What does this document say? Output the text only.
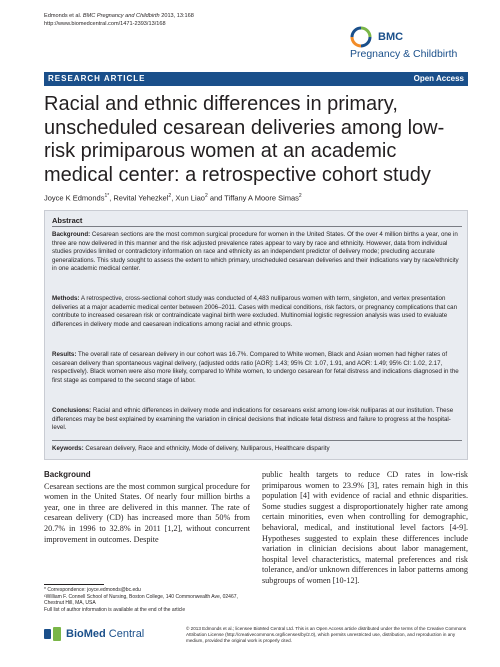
Edmonds et al. BMC Pregnancy and Childbirth 2013, 13:168
http://www.biomedcentral.com/1471-2393/13/168
BMC
Pregnancy & Childbirth
RESEARCH ARTICLE	Open Access
Racial and ethnic differences in primary, unscheduled cesarean deliveries among low-risk primiparous women at an academic medical center: a retrospective cohort study
Joyce K Edmonds$^{1*}$, Revital Yehezkel$^2$, Xun Liao$^2$ and Tiffany A Moore Simas$^2$
Abstract
Background: Cesarean sections are the most common surgical procedure for women in the United States. Of the over 4 million births a year, one in three are now delivered in this manner and the risk adjusted prevalence rates appear to vary by race and ethnicity. However, data from individual studies provides limited or contradictory information on race and ethnicity as an independent predictor of delivery mode; precluding accurate generalizations. This study sought to assess the extent to which primary, unscheduled cesarean deliveries and their indications vary by race/ethnicity in one academic medical center.
Methods: A retrospective, cross-sectional cohort study was conducted of 4,483 nulliparous women with term, singleton, and vertex presentation deliveries at a major academic medical center between 2006–2011. Cases with medical conditions, risk factors, or pregnancy complications that can contribute to increased cesarean risk or contraindicate vaginal birth were excluded. Multinomial logistic regression analysis was used to evaluate differences in delivery mode and caesarean indications among racial and ethnic groups.
Results: The overall rate of cesarean delivery in our cohort was 16.7%. Compared to White women, Black and Asian women had higher rates of cesarean delivery than spontaneous vaginal delivery, (adjusted odds ratio [AOR]: 1.43; 95% CI: 1.07, 1.91, and AOR: 1.49; 95% CI: 1.02, 2.17, respectively). Black women were also more likely, compared to White women, to undergo cesarean for fetal distress and indications diagnosed in the first stage as compared to the second stage of labor.
Conclusions: Racial and ethnic differences in delivery mode and indications for cesareans exist among low-risk nulliparas at our institution. These differences may be best explained by examining the variation in clinical decisions that indicate fetal distress and failure to progress at the hospital-level.
Keywords: Cesarean delivery, Race and ethnicity, Mode of delivery, Nulliparous, Healthcare disparity
Background

Cesarean sections are the most common surgical procedure for women in the United States. Of nearly four million births a year, one in three are delivered in this manner. The rate of cesarean delivery (CD) has increased more than 50% from 20.7% in 1996 to 32.8% in 2011 [1,2], without concurrent improvement in outcomes. Despite

public health targets to reduce CD rates in low-risk primiparous women to 23.9% [3], rates remain high in this population [4] with evidence of racial and ethnic disparities. Some studies suggest a disproportionately higher rate among certain minorities, even when controlling for demographic, behavioral, medical, and institutional level factors [4-9]. Hypotheses suggested to explain these differences include variation in clinician decisions about labor management, hospital level characteristics, maternal preferences and risk tolerance, and/or unknown differences in labor patterns among subgroups of women [10-12].

* Correspondence: joyce.edmonds@bc.edu
¹William F. Connell School of Nursing, Boston College, 140 Commonwealth Ave, 02467, Chestnut Hill, MA, USA
Full list of author information is available at the end of the article
BioMed Central	© 2013 Edmonds et al.; licensee BioMed Central Ltd. This is an Open Access article distributed under the terms of the Creative Commons Attribution License (http://creativecommons.org/licenses/by/2.0), which permits unrestricted use, distribution, and reproduction in any medium, provided the original work is properly cited.
